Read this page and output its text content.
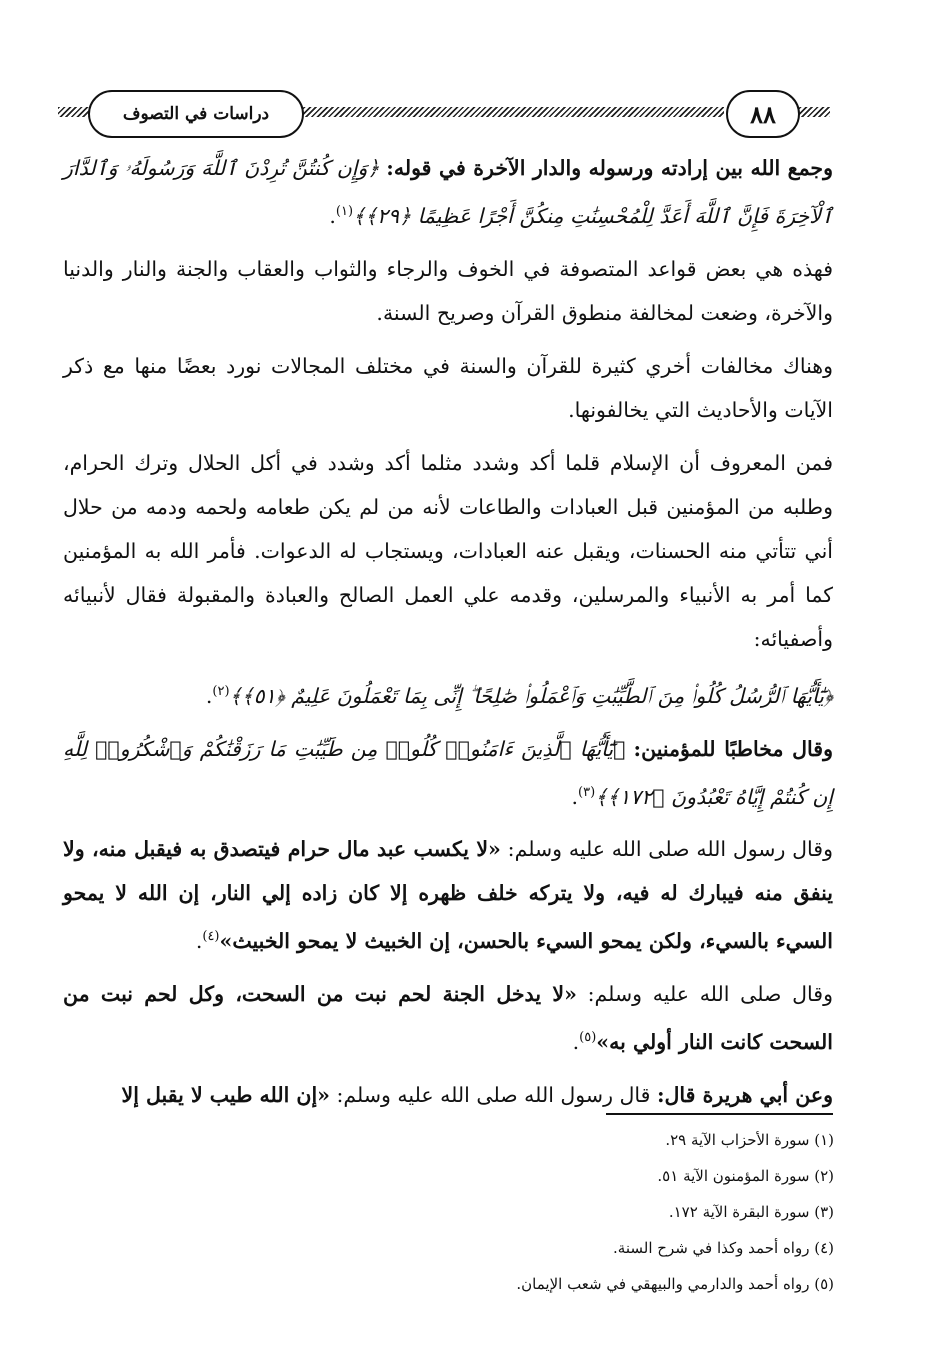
دراسات في التصوف	٨٨

وجمع الله بين إرادته ورسوله والدار الآخرة في قوله: ﴿وَإِن كُنتُنَّ تُرِدْنَ ٱللَّهَ وَرَسُولَهُۥ وَٱلدَّارَ ٱلْآخِرَةَ فَإِنَّ ٱللَّهَ أَعَدَّ لِلْمُحْسِنَٰتِ مِنكُنَّ أَجْرًا عَظِيمًا ﴿٢٩﴾﴾$^{(١)}$.

فهذه هي بعض قواعد المتصوفة في الخوف والرجاء والثواب والعقاب والجنة والنار والدنيا والآخرة، وضعت لمخالفة منطوق القرآن وصريح السنة.

وهناك مخالفات أخري كثيرة للقرآن والسنة في مختلف المجالات نورد بعضًا منها مع ذكر الآيات والأحاديث التي يخالفونها.

فمن المعروف أن الإسلام قلما أكد وشدد مثلما أكد وشدد في أكل الحلال وترك الحرام، وطلبه من المؤمنين قبل العبادات والطاعات لأنه من لم يكن طعامه ولحمه ودمه من حلال أني تتأتي منه الحسنات، ويقبل عنه العبادات، ويستجاب له الدعوات. فأمر الله به المؤمنين كما أمر به الأنبياء والمرسلين، وقدمه علي العمل الصالح والعبادة والمقبولة فقال لأنبيائه وأصفيائه:

﴿يَٰٓأَيُّهَا ٱلرُّسُلُ كُلُوا۟ مِنَ ٱلطَّيِّبَٰتِ وَٱعْمَلُوا۟ صَٰلِحًا ۖ إِنِّى بِمَا تَعْمَلُونَ عَلِيمٌ ﴿٥١﴾﴾$^{(٢)}$.

وقال مخاطبًا للمؤمنين: ﴿يَٰٓأَيُّهَا ٱلَّذِينَ ءَامَنُوا۟ كُلُوا۟ مِن طَيِّبَٰتِ مَا رَزَقْنَٰكُمْ وَٱشْكُرُوا۟ لِلَّهِ إِن كُنتُمْ إِيَّاهُ تَعْبُدُونَ ﴿١٧٢﴾﴾$^{(٣)}$.

وقال رسول الله صلى الله عليه وسلم: «لا يكسب عبد مال حرام فيتصدق به فيقبل منه، ولا ينفق منه فيبارك له فيه، ولا يتركه خلف ظهره إلا كان زاده إلي النار، إن الله لا يمحو السيء بالسيء، ولكن يمحو السيء بالحسن، إن الخبيث لا يمحو الخبيث»$^{(٤)}$.

وقال صلى الله عليه وسلم: «لا يدخل الجنة لحم نبت من السحت، وكل لحم نبت من السحت كانت النار أولي به»$^{(٥)}$.

وعن أبي هريرة قال: قال رسول الله صلى الله عليه وسلم: «إن الله طيب لا يقبل إلا

(١) سورة الأحزاب الآية ٢٩.
(٢) سورة المؤمنون الآية ٥١.
(٣) سورة البقرة الآية ١٧٢.
(٤) رواه أحمد وكذا في شرح السنة.
(٥) رواه أحمد والدارمي والبيهقي في شعب الإيمان.
